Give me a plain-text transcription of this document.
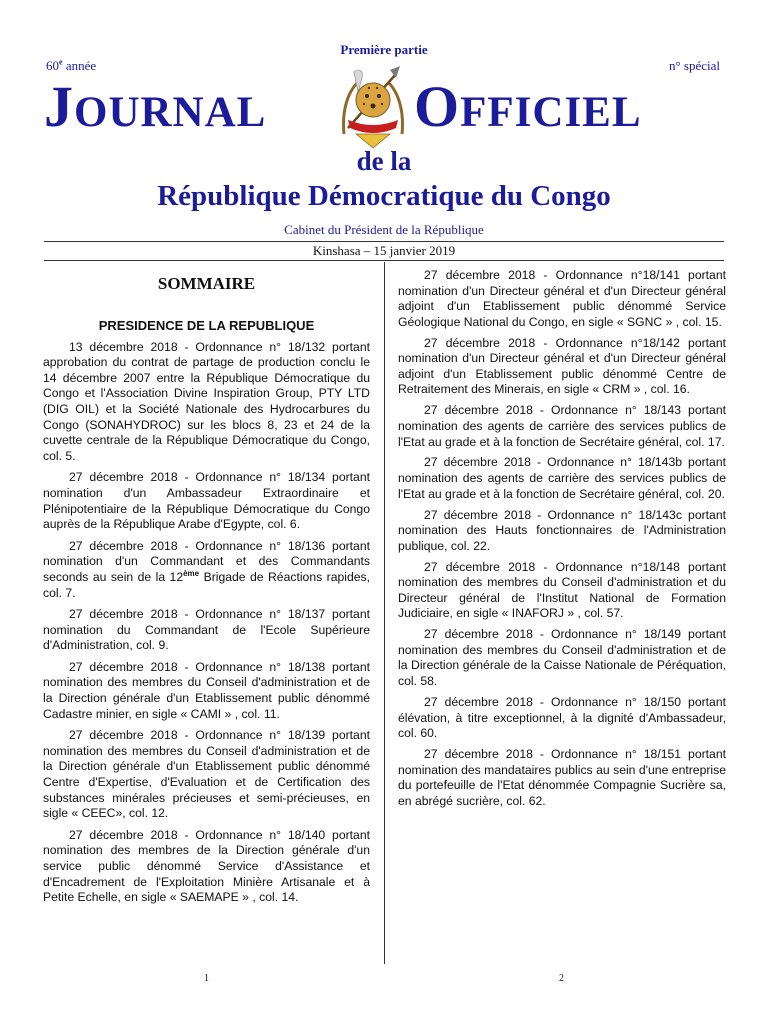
Première partie
60e année	n° spécial
JOURNAL	OFFICIEL
de la
République Démocratique du Congo
Cabinet du Président de la République
Kinshasa – 15 janvier 2019
SOMMAIRE
PRESIDENCE DE LA REPUBLIQUE

13 décembre 2018 - Ordonnance n° 18/132 portant approbation du contrat de partage de production conclu le 14 décembre 2007 entre la République Démocratique du Congo et l'Association Divine Inspiration Group, PTY LTD (DIG OIL) et la Société Nationale des Hydrocarbures du Congo (SONAHYDROC) sur les blocs 8, 23 et 24 de la cuvette centrale de la République Démocratique du Congo, col. 5.

27 décembre 2018 - Ordonnance n° 18/134 portant nomination d'un Ambassadeur Extraordinaire et Plénipotentiaire de la République Démocratique du Congo auprès de la République Arabe d'Egypte, col. 6.

27 décembre 2018 - Ordonnance n° 18/136 portant nomination d'un Commandant et des Commandants seconds au sein de la 12ème Brigade de Réactions rapides, col. 7.

27 décembre 2018 - Ordonnance n° 18/137 portant nomination du Commandant de l'Ecole Supérieure d'Administration, col. 9.

27 décembre 2018 - Ordonnance n° 18/138 portant nomination des membres du Conseil d'administration et de la Direction générale d'un Etablissement public dénommé Cadastre minier, en sigle « CAMI » , col. 11.

27 décembre 2018 - Ordonnance n° 18/139 portant nomination des membres du Conseil d'administration et de la Direction générale d'un Etablissement public dénommé Centre d'Expertise, d'Evaluation et de Certification des substances minérales précieuses et semi-précieuses, en sigle « CEEC», col. 12.

27 décembre 2018 - Ordonnance n° 18/140 portant nomination des membres de la Direction générale d'un service public dénommé Service d'Assistance et d'Encadrement de l'Exploitation Minière Artisanale et à Petite Echelle, en sigle « SAEMAPE » , col. 14.

27 décembre 2018 - Ordonnance n°18/141 portant nomination d'un Directeur général et d'un Directeur général adjoint d'un Etablissement public dénommé Service Géologique National du Congo, en sigle « SGNC » , col. 15.

27 décembre 2018 - Ordonnance n°18/142 portant nomination d'un Directeur général et d'un Directeur général adjoint d'un Etablissement public dénommé Centre de Retraitement des Minerais, en sigle « CRM » , col. 16.

27 décembre 2018 - Ordonnance n° 18/143 portant nomination des agents de carrière des services publics de l'Etat au grade et à la fonction de Secrétaire général, col. 17.

27 décembre 2018 - Ordonnance n° 18/143b portant nomination des agents de carrière des services publics de l'Etat au grade et à la fonction de Secrétaire général, col. 20.

27 décembre 2018 - Ordonnance n° 18/143c portant nomination des Hauts fonctionnaires de l'Administration publique, col. 22.

27 décembre 2018 - Ordonnance n°18/148 portant nomination des membres du Conseil d'administration et du Directeur général de l'Institut National de Formation Judiciaire, en sigle « INAFORJ » , col. 57.

27 décembre 2018 - Ordonnance n° 18/149 portant nomination des membres du Conseil d'administration et de la Direction générale de la Caisse Nationale de Péréquation, col. 58.

27 décembre 2018 - Ordonnance n° 18/150 portant élévation, à titre exceptionnel, à la dignité d'Ambassadeur, col. 60.

27 décembre 2018 - Ordonnance n° 18/151 portant nomination des mandataires publics au sein d'une entreprise du portefeuille de l'Etat dénommée Compagnie Sucrière sa, en abrégé sucrière, col. 62.

1	2
